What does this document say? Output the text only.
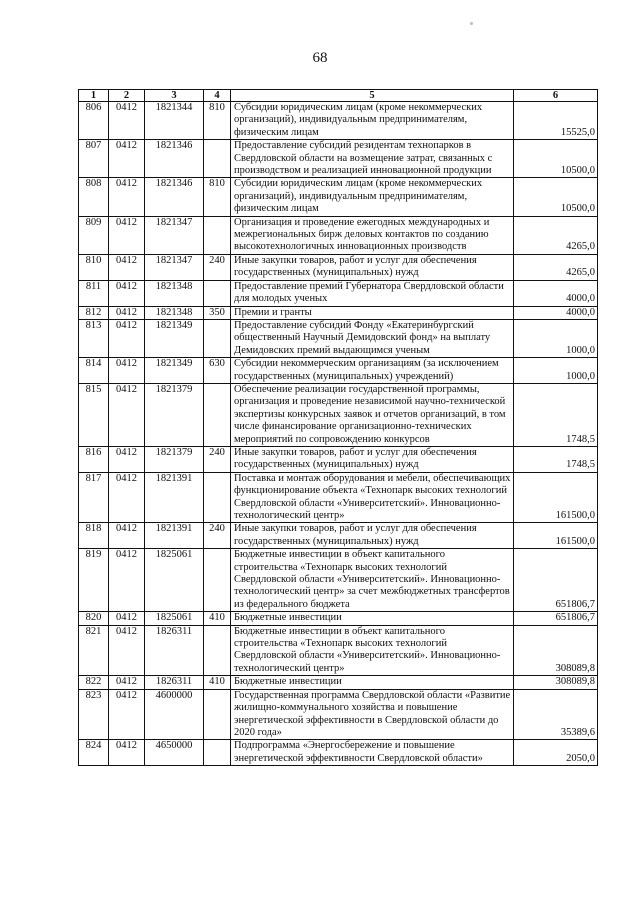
68
1	2	3	4	5	6
806	0412	1821344	810	Субсидии юридическим лицам (кроме некоммерческих организаций), индивидуальным предпринимателям, физическим лицам	15525,0
807	0412	1821346		Предоставление субсидий резидентам технопарков в Свердловской области на возмещение затрат, связанных с производством и реализацией инновационной продукции	10500,0
808	0412	1821346	810	Субсидии юридическим лицам (кроме некоммерческих организаций), индивидуальным предпринимателям, физическим лицам	10500,0
809	0412	1821347		Организация и проведение ежегодных международных и межрегиональных бирж деловых контактов по созданию высокотехнологичных инновационных производств	4265,0
810	0412	1821347	240	Иные закупки товаров, работ и услуг для обеспечения государственных (муниципальных) нужд	4265,0
811	0412	1821348		Предоставление премий Губернатора Свердловской области для молодых ученых	4000,0
812	0412	1821348	350	Премии и гранты	4000,0
813	0412	1821349		Предоставление субсидий Фонду «Екатеринбургский общественный Научный Демидовский фонд» на выплату Демидовских премий выдающимся ученым	1000,0
814	0412	1821349	630	Субсидии некоммерческим организациям (за исключением государственных (муниципальных) учреждений)	1000,0
815	0412	1821379		Обеспечение реализации государственной программы, организация и проведение независимой научно-технической экспертизы конкурсных заявок и отчетов организаций, в том числе финансирование организационно-технических мероприятий по сопровождению конкурсов	1748,5
816	0412	1821379	240	Иные закупки товаров, работ и услуг для обеспечения государственных (муниципальных) нужд	1748,5
817	0412	1821391		Поставка и монтаж оборудования и мебели, обеспечивающих функционирование объекта «Технопарк высоких технологий Свердловской области «Университетский». Инновационно-технологический центр»	161500,0
818	0412	1821391	240	Иные закупки товаров, работ и услуг для обеспечения государственных (муниципальных) нужд	161500,0
819	0412	1825061		Бюджетные инвестиции в объект капитального строительства «Технопарк высоких технологий Свердловской области «Университетский». Инновационно-технологический центр» за счет межбюджетных трансфертов из федерального бюджета	651806,7
820	0412	1825061	410	Бюджетные инвестиции	651806,7
821	0412	1826311		Бюджетные инвестиции в объект капитального строительства «Технопарк высоких технологий Свердловской области «Университетский». Инновационно-технологический центр»	308089,8
822	0412	1826311	410	Бюджетные инвестиции	308089,8
823	0412	4600000		Государственная программа Свердловской области «Развитие жилищно-коммунального хозяйства и повышение энергетической эффективности в Свердловской области до 2020 года»	35389,6
824	0412	4650000		Подпрограмма «Энергосбережение и повышение энергетической эффективности Свердловской области»	2050,0
